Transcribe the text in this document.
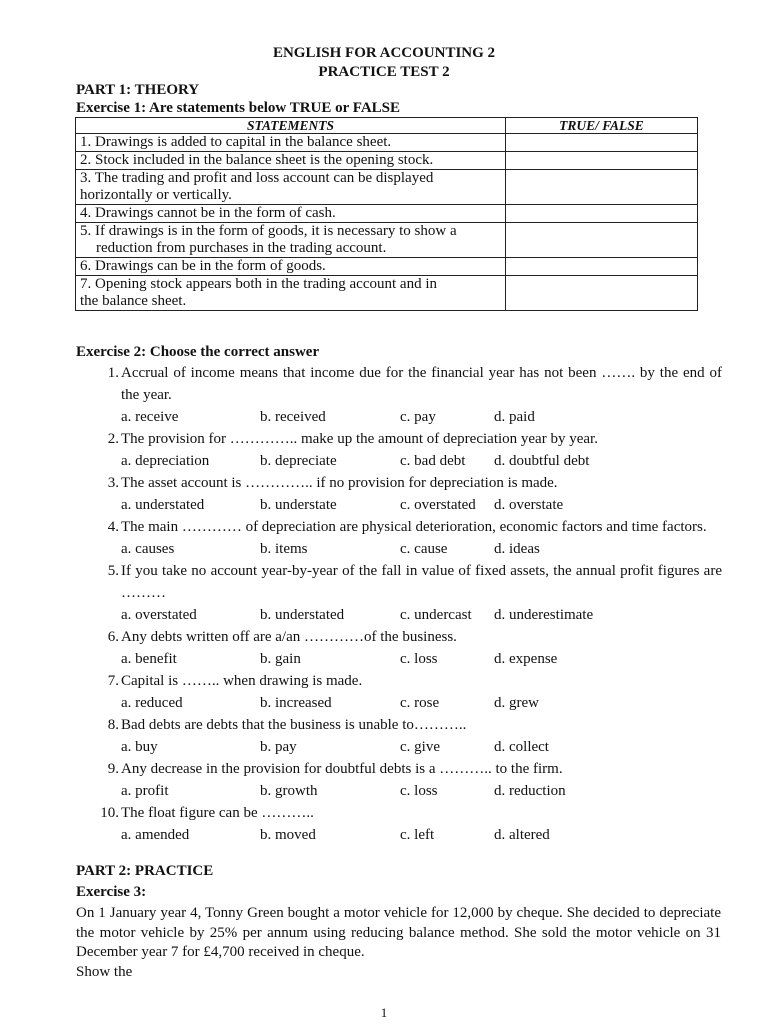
ENGLISH FOR ACCOUNTING 2
PRACTICE TEST 2
PART 1: THEORY
Exercise 1: Are statements below TRUE or FALSE
STATEMENTS	TRUE/ FALSE
1. Drawings is added to capital in the balance sheet.	
2. Stock included in the balance sheet is the opening stock.	
3. The trading and profit and loss account can be displayed
horizontally or vertically.	
4. Drawings cannot be in the form of cash.	
5. If drawings is in the form of goods, it is necessary to show a
reduction from purchases in the trading account.	
6. Drawings can be in the form of goods.	
7. Opening stock appears both in the trading account and in
the balance sheet.	
Exercise 2: Choose the correct answer
1. Accrual of income means that income due for the financial year has not been ……. by the end of the year.
a. receive	b. received	c. pay	d. paid
2. The provision for ………….. make up the amount of depreciation year by year.
a. depreciation	b. depreciate	c. bad debt	d. doubtful debt
3. The asset account is ………….. if no provision for depreciation is made.
a. understated	b. understate	c. overstated	d. overstate
4. The main ………… of depreciation are physical deterioration, economic factors and time factors.
a. causes	b. items	c. cause	d. ideas
5. If you take no account year-by-year of the fall in value of fixed assets, the annual profit figures are ………
a. overstated	b. understated	c. undercast	d. underestimate
6. Any debts written off are a/an …………of the business.
a. benefit	b. gain	c. loss	d. expense
7. Capital is …….. when drawing is made.
a. reduced	b. increased	c. rose	d. grew
8. Bad debts are debts that the business is unable to………..
a. buy	b. pay	c. give	d. collect
9. Any decrease in the provision for doubtful debts is a ……….. to the firm.
a. profit	b. growth	c. loss	d. reduction
10. The float figure can be ………..
a. amended	b. moved	c. left	d. altered
PART 2: PRACTICE
Exercise 3:
On 1 January year 4, Tonny Green bought a motor vehicle for 12,000 by cheque. She decided to depreciate the motor vehicle by 25% per annum using reducing balance method. She sold the motor vehicle on 31 December year 7 for £4,700 received in cheque.
Show the
1
